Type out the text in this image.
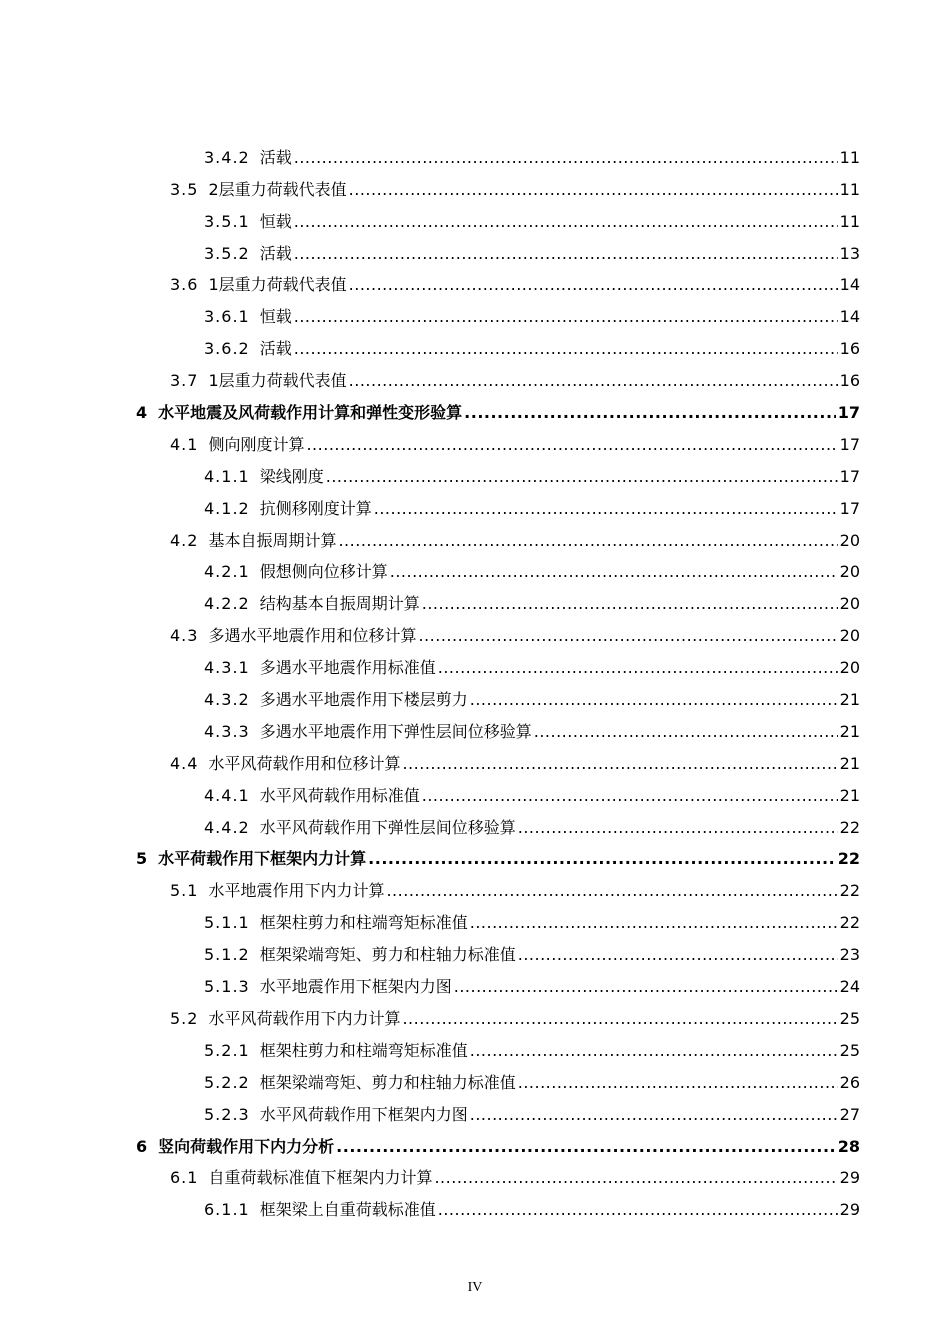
3.4.2 活载 .....	11
3.5 2层重力荷载代表值 .....	11
3.5.1 恒载 .....	11
3.5.2 活载 .....	13
3.6 1层重力荷载代表值 .....	14
3.6.1 恒载 .....	14
3.6.2 活载 .....	16
3.7 1层重力荷载代表值 .....	16
4 水平地震及风荷载作用计算和弹性变形验算 .....	17
4.1 侧向刚度计算 .....	17
4.1.1 梁线刚度 .....	17
4.1.2 抗侧移刚度计算 .....	17
4.2 基本自振周期计算 .....	20
4.2.1 假想侧向位移计算 .....	20
4.2.2 结构基本自振周期计算 .....	20
4.3 多遇水平地震作用和位移计算 .....	20
4.3.1 多遇水平地震作用标准值 .....	20
4.3.2 多遇水平地震作用下楼层剪力 .....	21
4.3.3 多遇水平地震作用下弹性层间位移验算 .....	21
4.4 水平风荷载作用和位移计算 .....	21
4.4.1 水平风荷载作用标准值 .....	21
4.4.2 水平风荷载作用下弹性层间位移验算 .....	22
5 水平荷载作用下框架内力计算 .....	22
5.1 水平地震作用下内力计算 .....	22
5.1.1 框架柱剪力和柱端弯矩标准值 .....	22
5.1.2 框架梁端弯矩、剪力和柱轴力标准值 .....	23
5.1.3 水平地震作用下框架内力图 .....	24
5.2 水平风荷载作用下内力计算 .....	25
5.2.1 框架柱剪力和柱端弯矩标准值 .....	25
5.2.2 框架梁端弯矩、剪力和柱轴力标准值 .....	26
5.2.3 水平风荷载作用下框架内力图 .....	27
6 竖向荷载作用下内力分析 .....	28
6.1 自重荷载标准值下框架内力计算 .....	29
6.1.1 框架梁上自重荷载标准值 .....	29
IV
